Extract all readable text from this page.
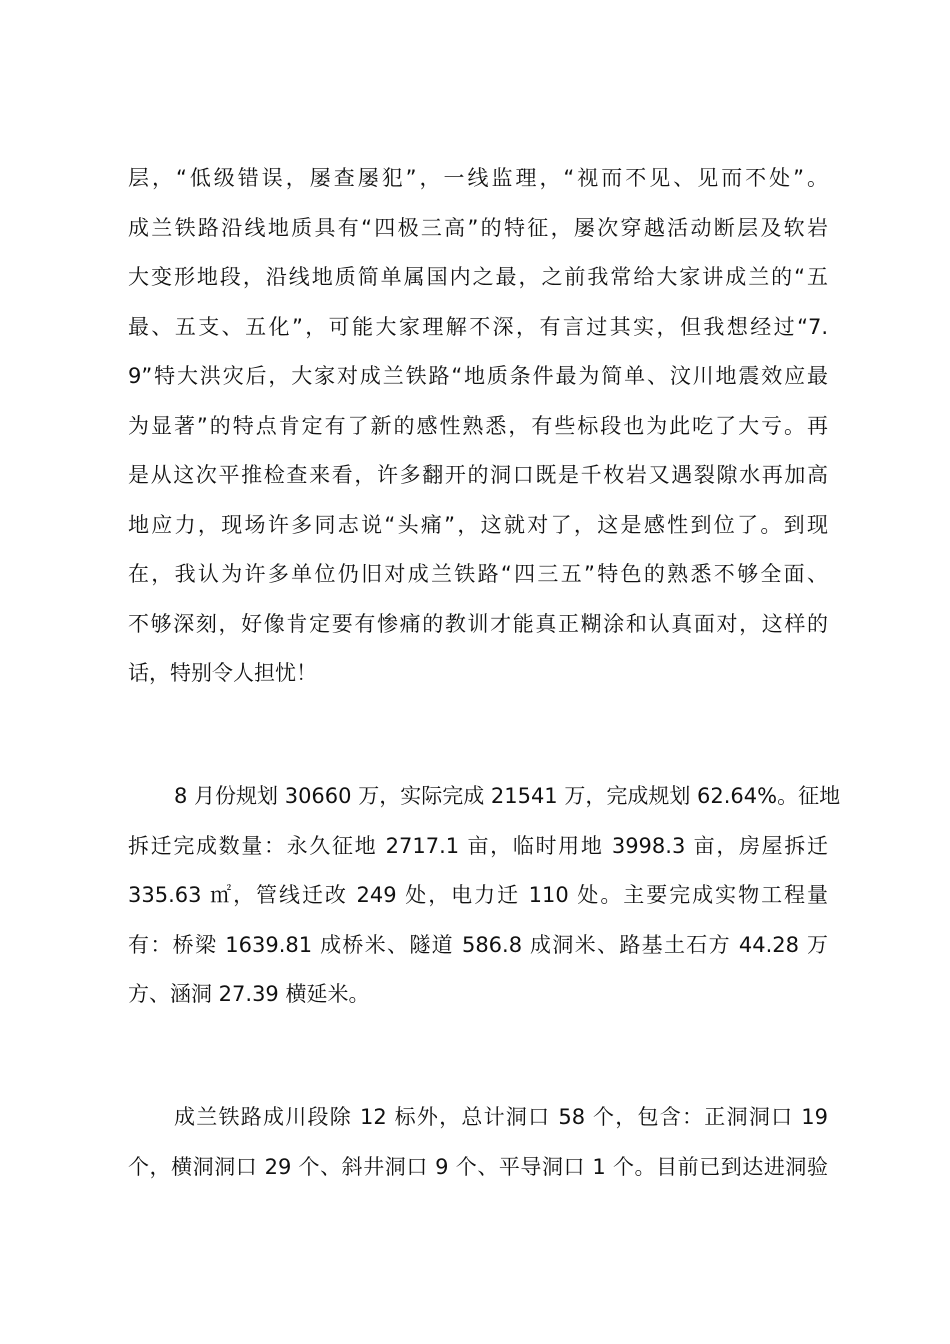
层，“低级错误，屡查屡犯”，一线监理，“视而不见、见而不处”。

成兰铁路沿线地质具有“四极三高”的特征，屡次穿越活动断层及软岩

大变形地段，沿线地质简单属国内之最，之前我常给大家讲成兰的“五

最、五支、五化”，可能大家理解不深，有言过其实，但我想经过“7.

9”特大洪灾后，大家对成兰铁路“地质条件最为简单、汶川地震效应最

为显著”的特点肯定有了新的感性熟悉，有些标段也为此吃了大亏。再

是从这次平推检查来看，许多翻开的洞口既是千枚岩又遇裂隙水再加高

地应力，现场许多同志说“头痛”，这就对了，这是感性到位了。到现

在，我认为许多单位仍旧对成兰铁路“四三五”特色的熟悉不够全面、

不够深刻，好像肯定要有惨痛的教训才能真正糊涂和认真面对，这样的

话，特别令人担忧！

8 月份规划 30660 万，实际完成 21541 万，完成规划 62.64%。征地

拆迁完成数量：永久征地 2717.1 亩，临时用地 3998.3 亩，房屋拆迁

335.63 ㎡，管线迁改 249 处，电力迁 110 处。主要完成实物工程量

有：桥梁 1639.81 成桥米、隧道 586.8 成洞米、路基土石方 44.28 万

方、涵洞 27.39 横延米。

成兰铁路成川段除 12 标外，总计洞口 58 个，包含：正洞洞口 19

个，横洞洞口 29 个、斜井洞口 9 个、平导洞口 1 个。目前已到达进洞验
